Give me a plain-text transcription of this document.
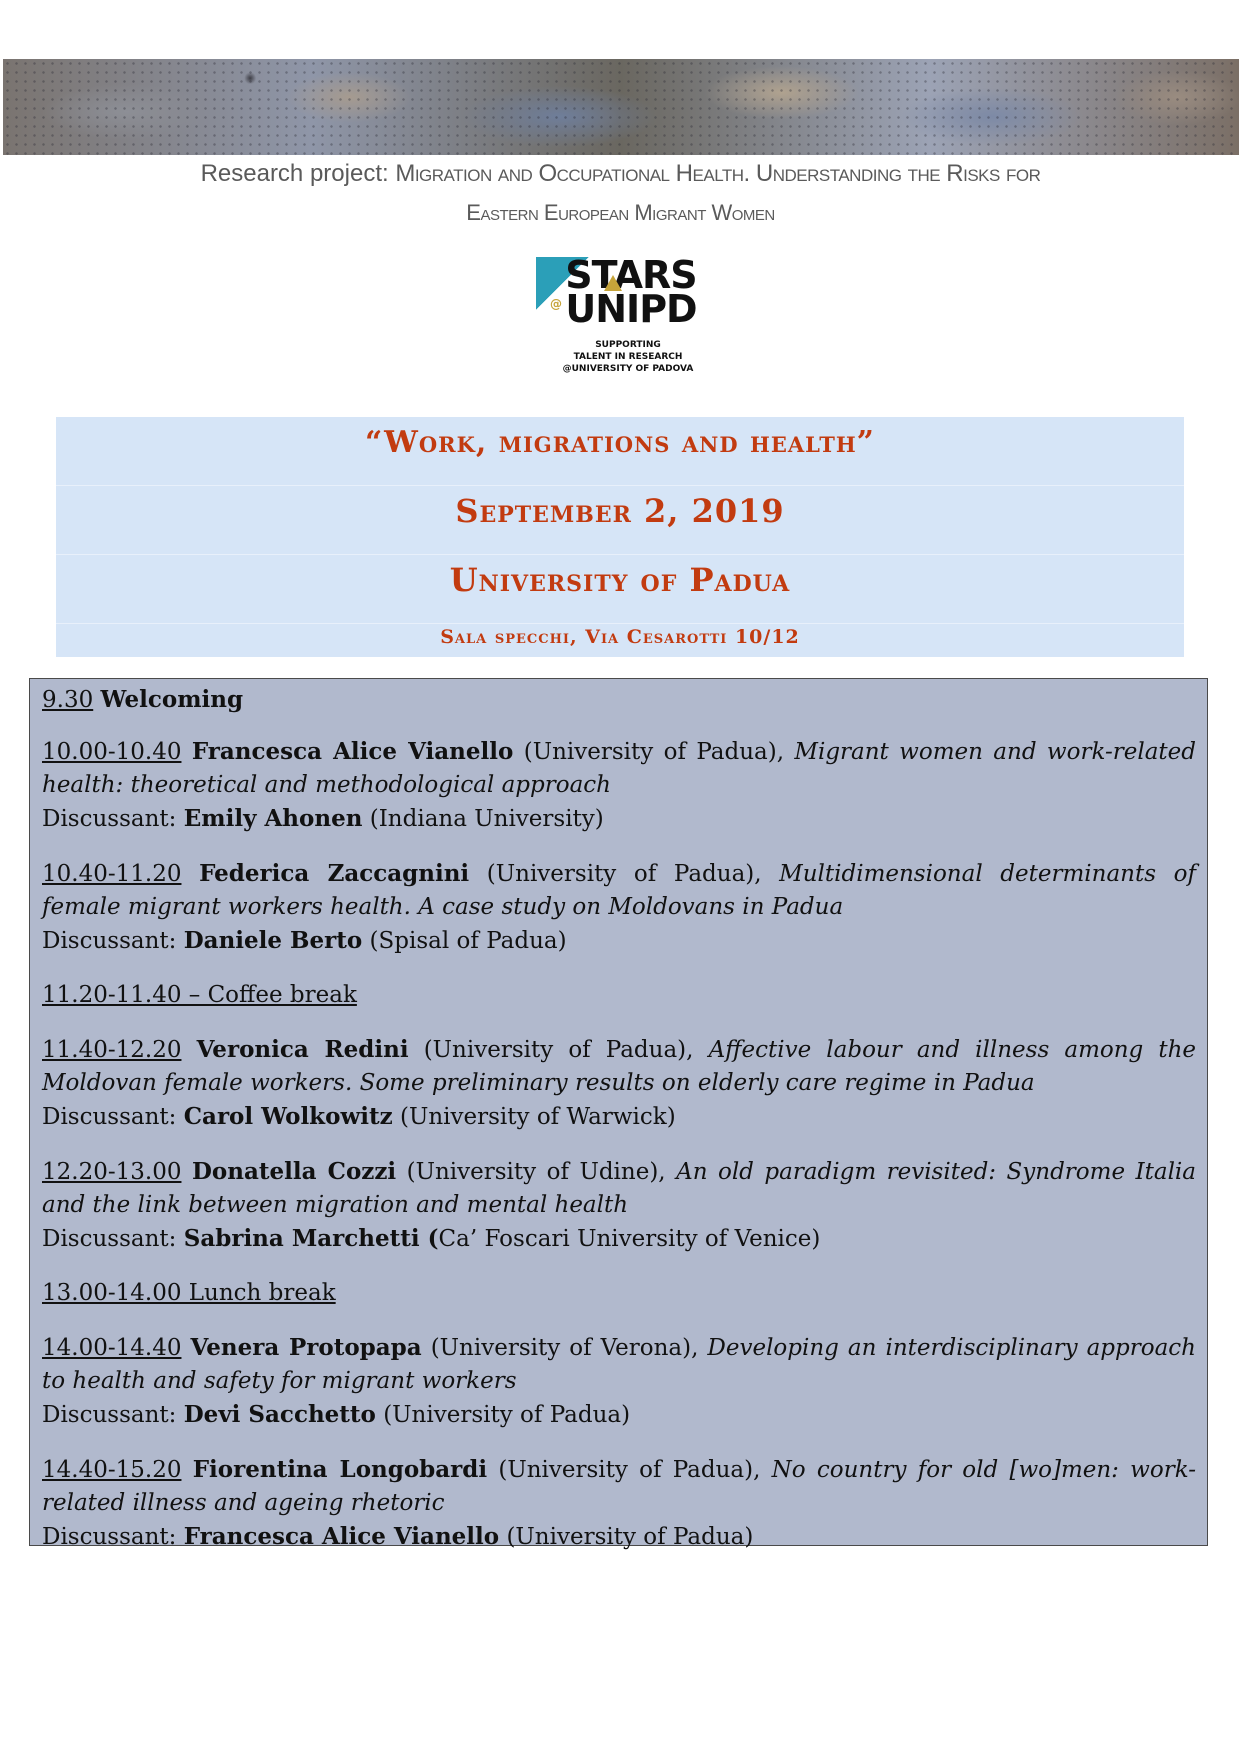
Research project: Migration and Occupational Health. Understanding the Risks for
Eastern European Migrant Women
STARS
@ UNIPD
SUPPORTING
TALENT IN RESEARCH
@UNIVERSITY OF PADOVA
“Work, migrations and health”
September 2, 2019
University of Padua
Sala specchi, Via Cesarotti 10/12
9.30 Welcoming
10.00-10.40 Francesca Alice Vianello (University of Padua), Migrant women and work-related health: theoretical and methodological approach
Discussant: Emily Ahonen (Indiana University)
10.40-11.20 Federica Zaccagnini (University of Padua), Multidimensional determinants of female migrant workers health. A case study on Moldovans in Padua
Discussant: Daniele Berto (Spisal of Padua)
11.20-11.40 – Coffee break
11.40-12.20 Veronica Redini (University of Padua), Affective labour and illness among the Moldovan female workers. Some preliminary results on elderly care regime in Padua
Discussant: Carol Wolkowitz (University of Warwick)
12.20-13.00 Donatella Cozzi (University of Udine), An old paradigm revisited: Syndrome Italia and the link between migration and mental health
Discussant: Sabrina Marchetti (Ca’ Foscari University of Venice)
13.00-14.00 Lunch break
14.00-14.40 Venera Protopapa (University of Verona), Developing an interdisciplinary approach to health and safety for migrant workers
Discussant: Devi Sacchetto (University of Padua)
14.40-15.20 Fiorentina Longobardi (University of Padua), No country for old [wo]men: work-related illness and ageing rhetoric
Discussant: Francesca Alice Vianello (University of Padua)
